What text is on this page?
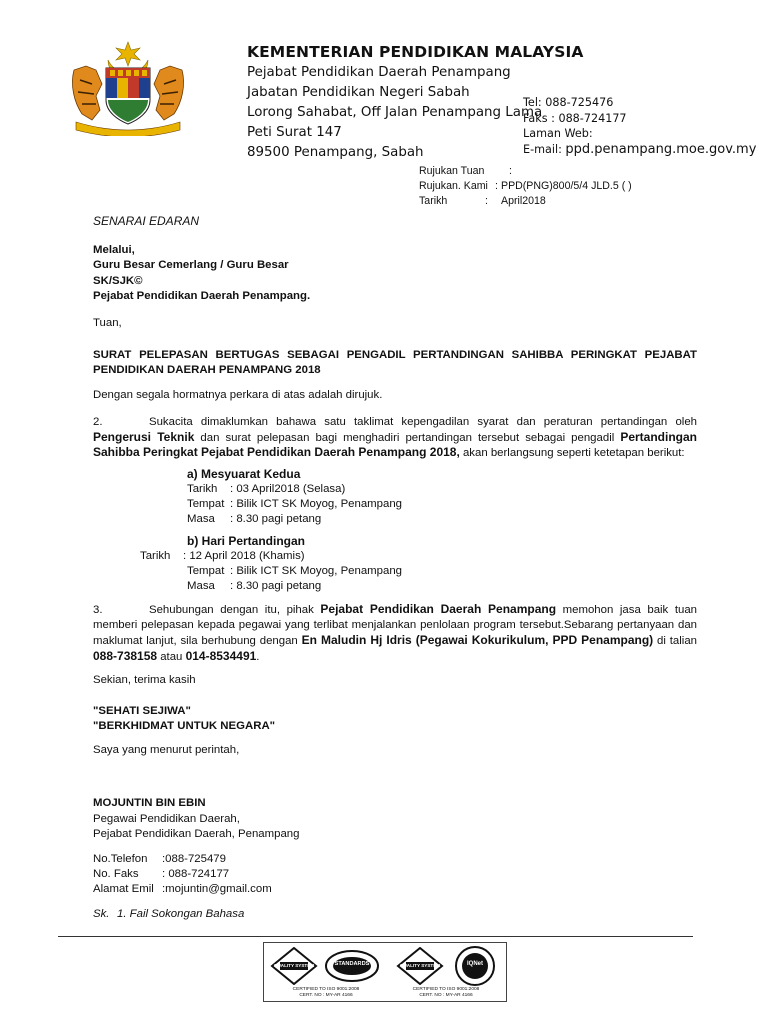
KEMENTERIAN PENDIDIKAN MALAYSIA
Pejabat Pendidikan Daerah Penampang
Jabatan Pendidikan Negeri Sabah
Lorong Sahabat, Off Jalan Penampang Lama
Peti Surat 147
89500 Penampang, Sabah
Tel: 088-725476
Faks : 088-724177
Laman Web:
E-mail: ppd.penampang.moe.gov.my
Rujukan Tuan :
Rujukan. Kami : PPD(PNG)800/5/4 JLD.5 ( )
Tarikh	: April2018
SENARAI EDARAN
Melalui,
Guru Besar Cemerlang / Guru Besar
SK/SJK©
Pejabat Pendidikan Daerah Penampang.
Tuan,
SURAT PELEPASAN BERTUGAS SEBAGAI PENGADIL PERTANDINGAN SAHIBBA PERINGKAT PEJABAT PENDIDIKAN DAERAH PENAMPANG 2018
Dengan segala hormatnya perkara di atas adalah dirujuk.
2.	Sukacita dimaklumkan bahawa satu taklimat kepengadilan syarat dan peraturan pertandingan oleh Pengerusi Teknik dan surat pelepasan bagi menghadiri pertandingan tersebut sebagai pengadil Pertandingan Sahibba Peringkat Pejabat Pendidikan Daerah Penampang 2018, akan berlangsung seperti ketetapan berikut:
a) Mesyuarat Kedua
Tarikh : 03 April2018 (Selasa)
Tempat : Bilik ICT SK Moyog, Penampang
Masa : 8.30 pagi petang
b) Hari Pertandingan
Tarikh : 12 April 2018 (Khamis)
Tempat : Bilik ICT SK Moyog, Penampang
Masa : 8.30 pagi petang
3.	Sehubungan dengan itu, pihak Pejabat Pendidikan Daerah Penampang memohon jasa baik tuan memberi pelepasan kepada pegawai yang terlibat menjalankan penlolaan program tersebut.Sebarang pertanyaan dan maklumat lanjut, sila berhubung dengan En Maludin Hj Idris (Pegawai Kokurikulum, PPD Penampang) di talian 088-738158 atau 014-8534491.
Sekian, terima kasih
"SEHATI SEJIWA"
"BERKHIDMAT UNTUK NEGARA"
Saya yang menurut perintah,
MOJUNTIN BIN EBIN
Pegawai Pendidikan Daerah,
Pejabat Pendidikan Daerah, Penampang
No.Telefon :088-725479
No. Faks : 088-724177
Alamat Emil :mojuntin@gmail.com
Sk. 1. Fail Sokongan Bahasa
QUALITY SYSTEM	STANDARDS	QUALITY SYSTEM	IQNet
CERTIFIED TO ISO 9001:2008
CERT. NO : MY-AR 4166
CERTIFIED TO ISO 9001:2008
CERT. NO : MY-AR 4166
